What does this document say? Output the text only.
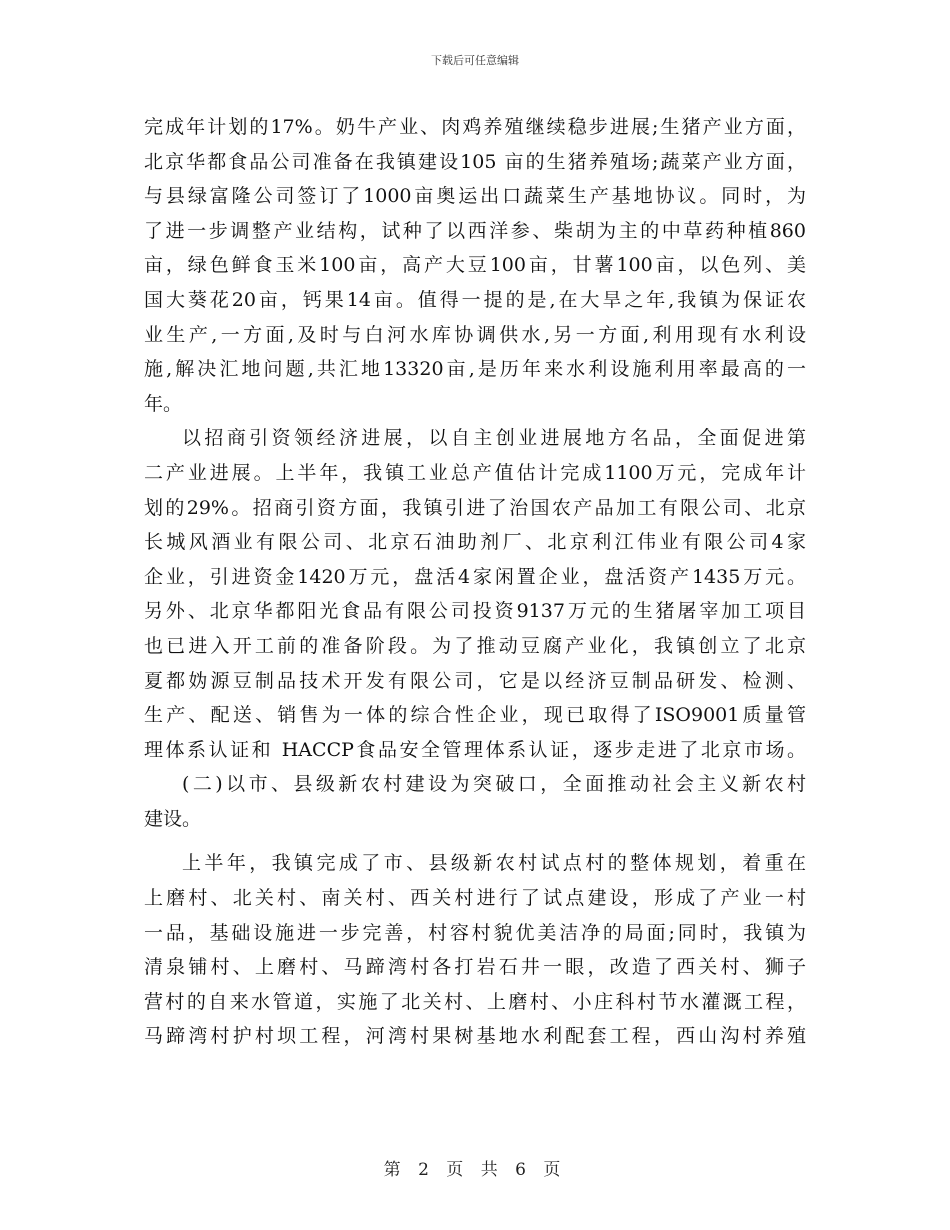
下载后可任意编辑
完成年计划的17%。奶牛产业、肉鸡养殖继续稳步进展;生猪产业方面，
北京华都食品公司准备在我镇建设105 亩的生猪养殖场;蔬菜产业方面，
与县绿富隆公司签订了1000亩奥运出口蔬菜生产基地协议。同时，为
了进一步调整产业结构，试种了以西洋参、柴胡为主的中草药种植860
亩，绿色鲜食玉米100亩，高产大豆100亩，甘薯100亩，以色列、美
国大葵花20亩，钙果14亩。值得一提的是,在大旱之年,我镇为保证农
业生产,一方面,及时与白河水库协调供水,另一方面,利用现有水利设
施,解决汇地问题,共汇地13320亩,是历年来水利设施利用率最高的一
年。
以招商引资领经济进展，以自主创业进展地方名品，全面促进第
二产业进展。上半年，我镇工业总产值估计完成1100万元，完成年计
划的29%。招商引资方面，我镇引进了治国农产品加工有限公司、北京
长城风酒业有限公司、北京石油助剂厂、北京利江伟业有限公司4家
企业，引进资金1420万元，盘活4家闲置企业，盘活资产1435万元。
另外、北京华都阳光食品有限公司投资9137万元的生猪屠宰加工项目
也已进入开工前的准备阶段。为了推动豆腐产业化，我镇创立了北京
夏都妫源豆制品技术开发有限公司，它是以经济豆制品研发、检测、
生产、配送、销售为一体的综合性企业，现已取得了ISO9001质量管
理体系认证和 HACCP食品安全管理体系认证，逐步走进了北京市场。
(二)以市、县级新农村建设为突破口，全面推动社会主义新农村
建设。
上半年，我镇完成了市、县级新农村试点村的整体规划，着重在
上磨村、北关村、南关村、西关村进行了试点建设，形成了产业一村
一品，基础设施进一步完善，村容村貌优美洁净的局面;同时，我镇为
清泉铺村、上磨村、马蹄湾村各打岩石井一眼，改造了西关村、狮子
营村的自来水管道，实施了北关村、上磨村、小庄科村节水灌溉工程，
马蹄湾村护村坝工程，河湾村果树基地水利配套工程，西山沟村养殖
第 2 页 共 6 页
